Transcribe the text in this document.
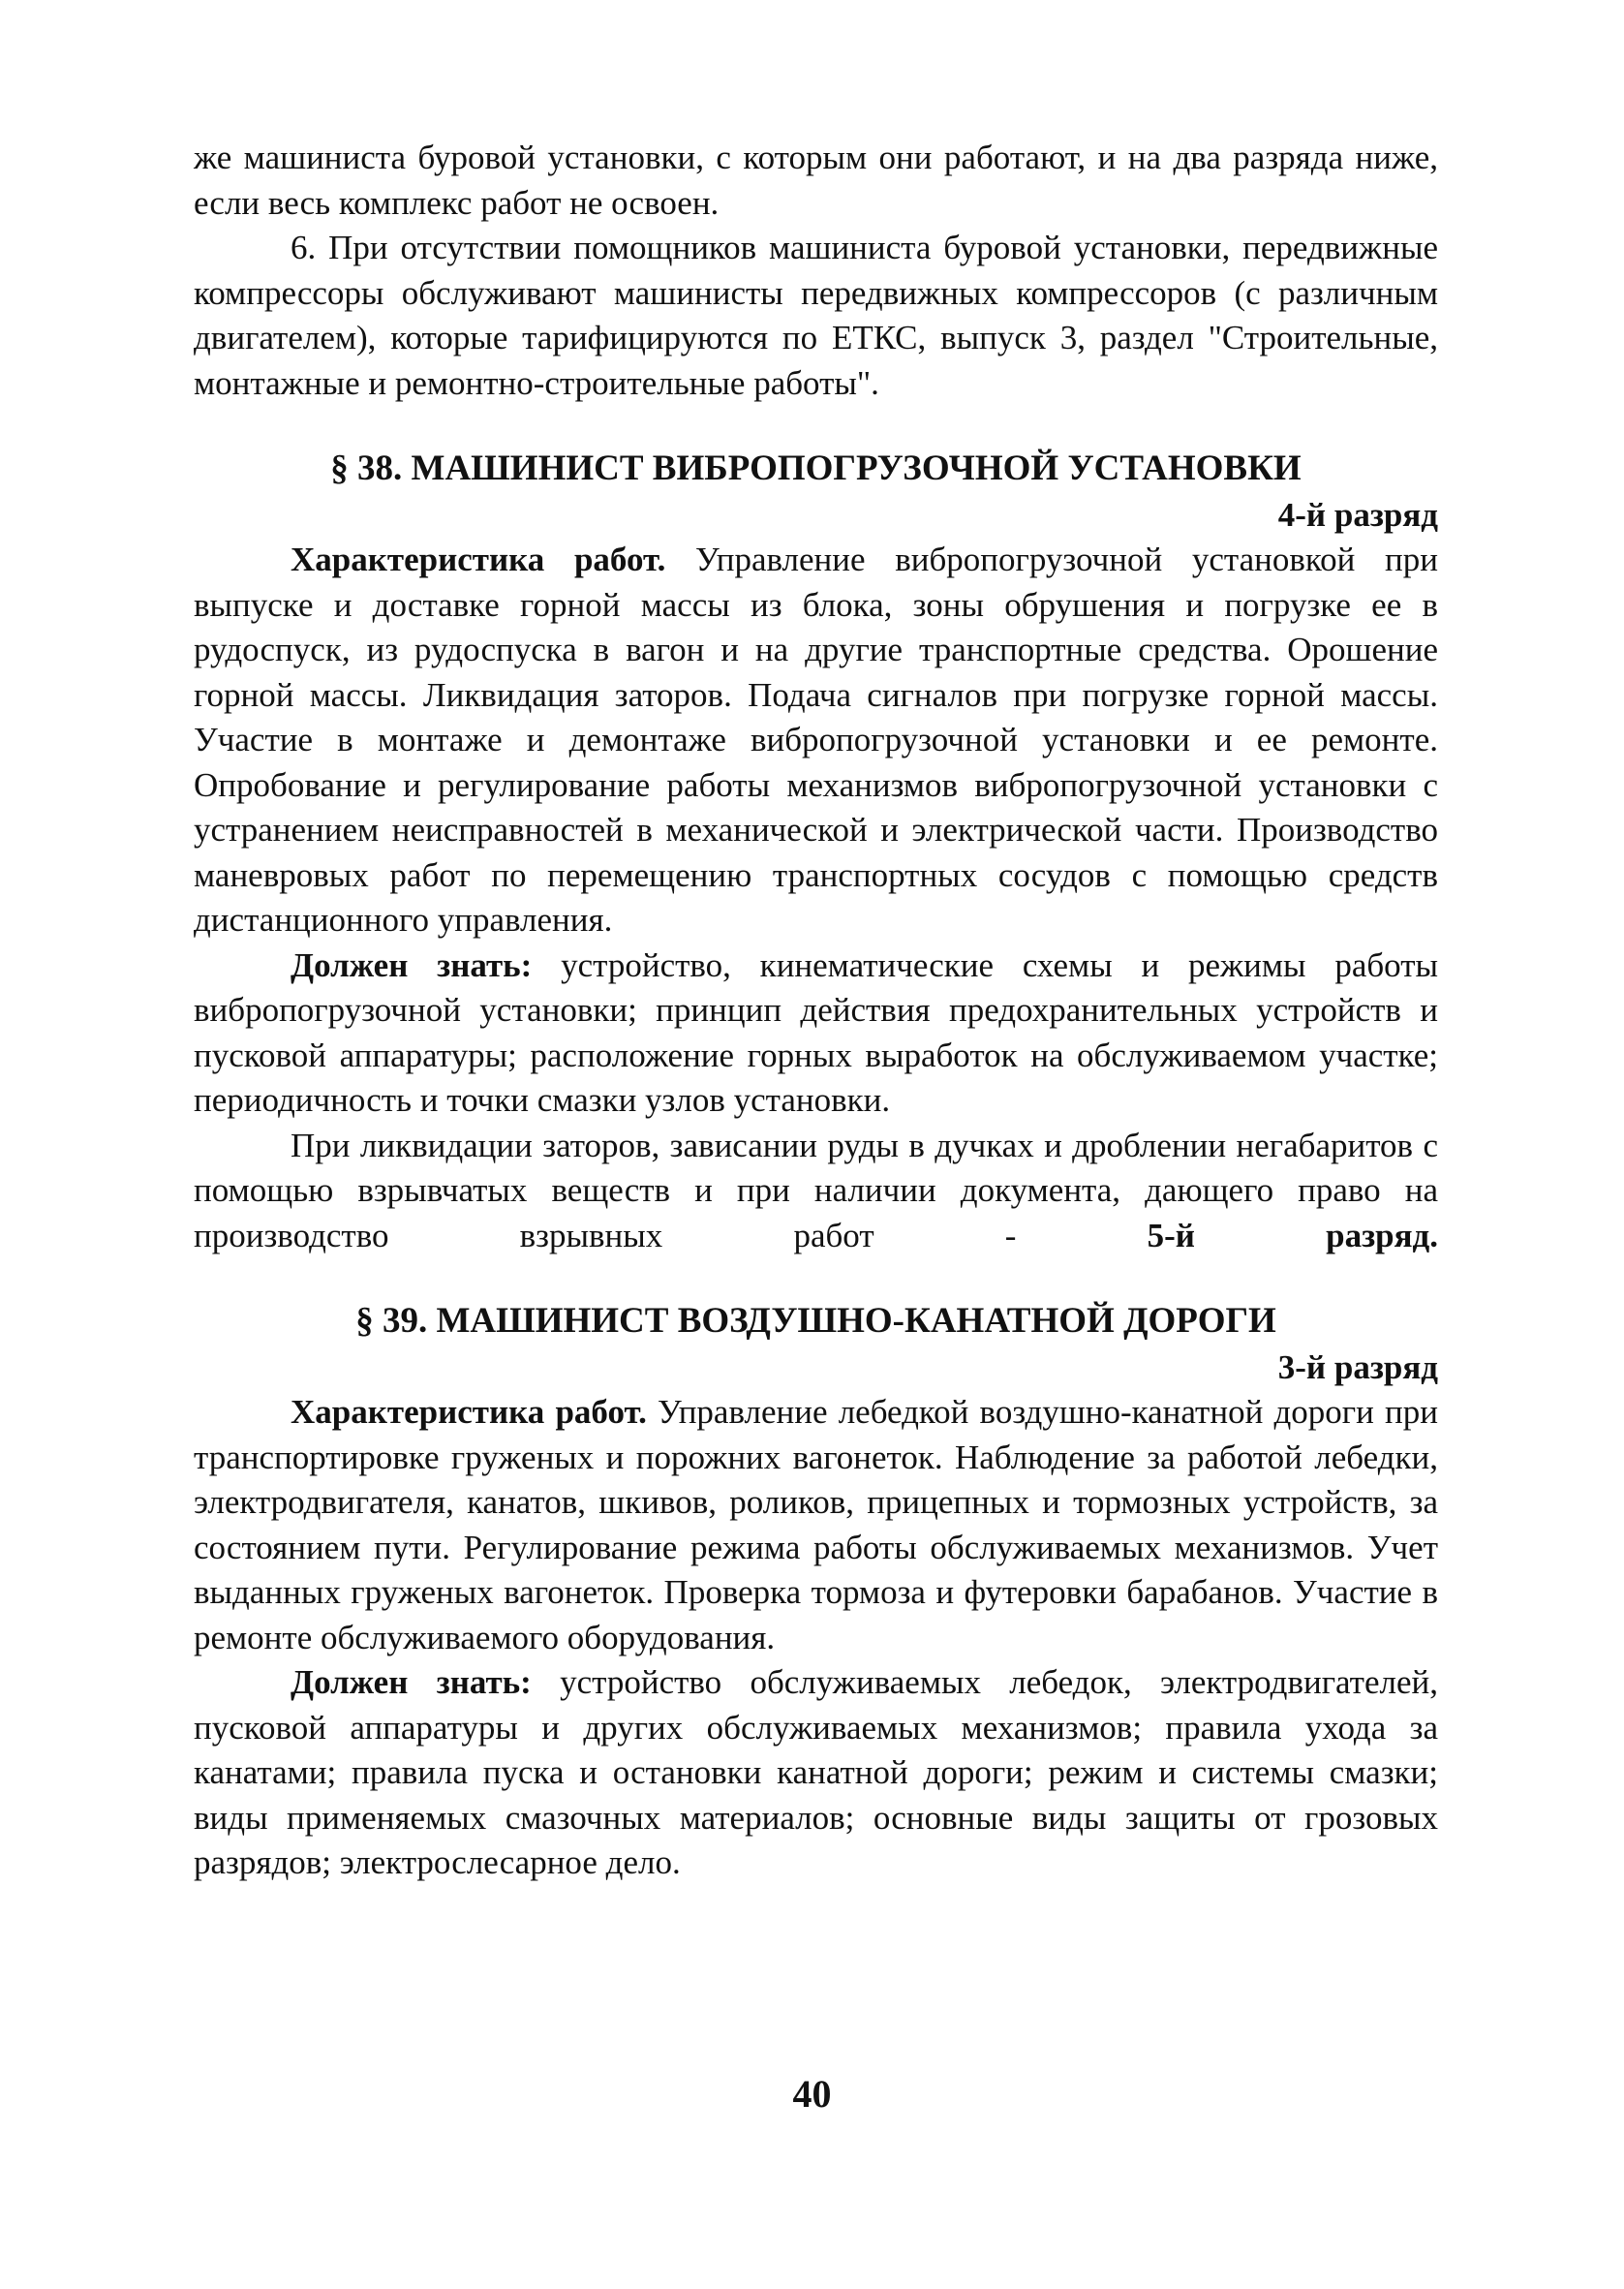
же машиниста буровой установки, с которым они работают, и на два разряда ниже, если весь комплекс работ не освоен.

6. При отсутствии помощников машиниста буровой установки, передвижные компрессоры обслуживают машинисты передвижных компрессоров (с различным двигателем), которые тарифицируются по ЕТКС, выпуск 3, раздел "Строительные, монтажные и ремонтно-строительные работы".

§ 38. МАШИНИСТ ВИБРОПОГРУЗОЧНОЙ УСТАНОВКИ
4-й разряд

Характеристика работ. Управление вибропогрузочной установкой при выпуске и доставке горной массы из блока, зоны обрушения и погрузке ее в рудоспуск, из рудоспуска в вагон и на другие транспортные средства. Орошение горной массы. Ликвидация заторов. Подача сигналов при погрузке горной массы. Участие в монтаже и демонтаже вибропогрузочной установки и ее ремонте. Опробование и регулирование работы механизмов вибропогрузочной установки с устранением неисправностей в механической и электрической части. Производство маневровых работ по перемещению транспортных сосудов с помощью средств дистанционного управления.

Должен знать: устройство, кинематические схемы и режимы работы вибропогрузочной установки; принцип действия предохранительных устройств и пусковой аппаратуры; расположение горных выработок на обслуживаемом участке; периодичность и точки смазки узлов установки.

При ликвидации заторов, зависании руды в дучках и дроблении негабаритов с помощью взрывчатых веществ и при наличии документа, дающего право на производство взрывных работ -	5-й разряд.

§ 39. МАШИНИСТ ВОЗДУШНО-КАНАТНОЙ ДОРОГИ
3-й разряд

Характеристика работ. Управление лебедкой воздушно-канатной дороги при транспортировке груженых и порожних вагонеток. Наблюдение за работой лебедки, электродвигателя, канатов, шкивов, роликов, прицепных и тормозных устройств, за состоянием пути. Регулирование режима работы обслуживаемых механизмов. Учет выданных груженых вагонеток. Проверка тормоза и футеровки барабанов. Участие в ремонте обслуживаемого оборудования.

Должен знать: устройство обслуживаемых лебедок, электродвигателей, пусковой аппаратуры и других обслуживаемых механизмов; правила ухода за канатами; правила пуска и остановки канатной дороги; режим и системы смазки; виды применяемых смазочных материалов; основные виды защиты от грозовых разрядов; электрослесарное дело.

40
